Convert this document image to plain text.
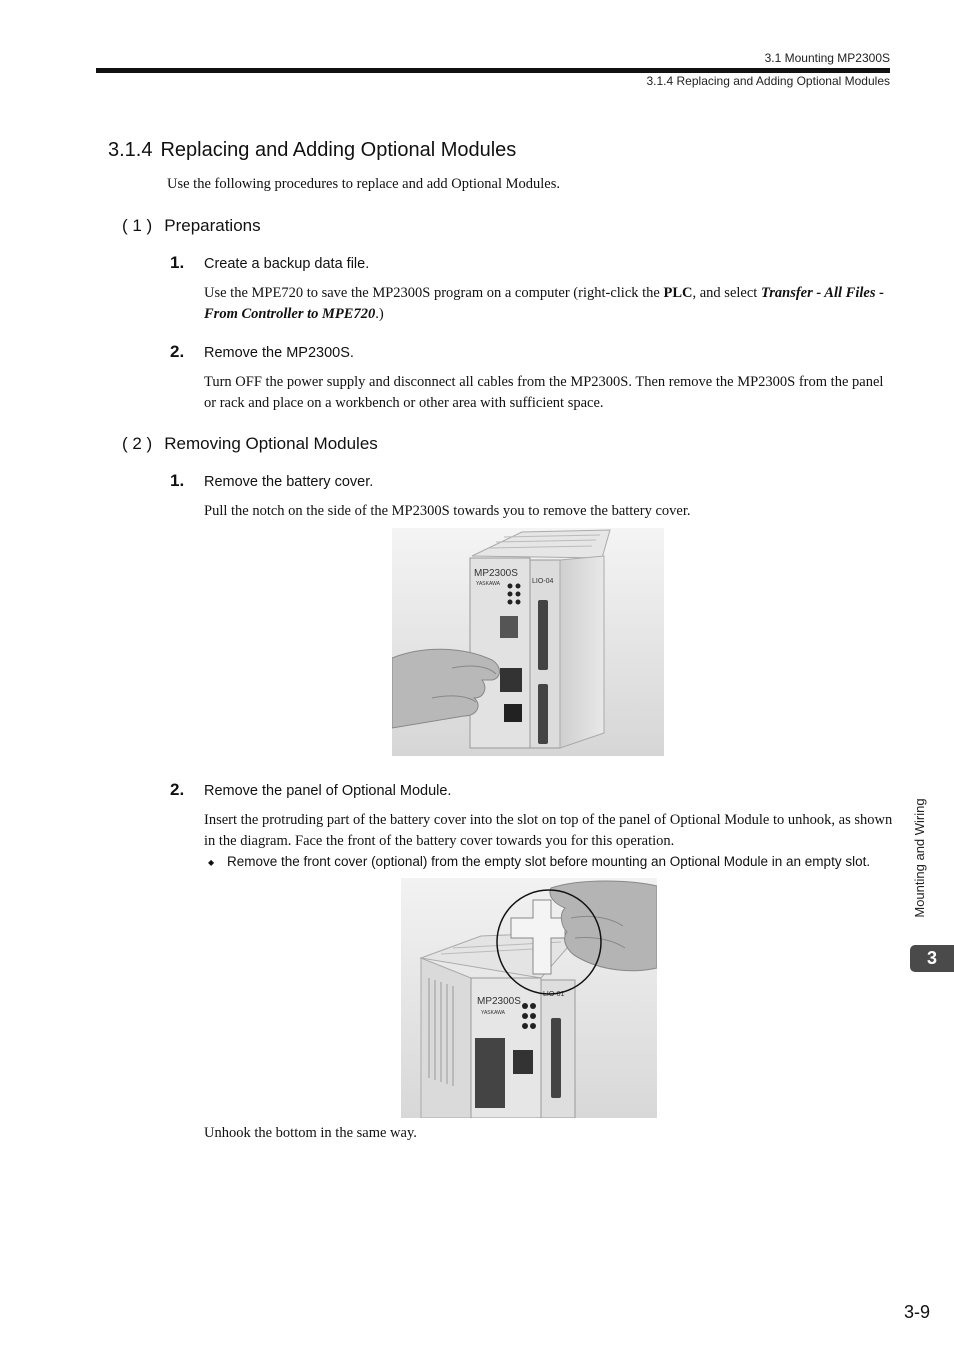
3.1 Mounting MP2300S
3.1.4 Replacing and Adding Optional Modules
3.1.4 Replacing and Adding Optional Modules
Use the following procedures to replace and add Optional Modules.
( 1 ) Preparations
1. Create a backup data file.
Use the MPE720 to save the MP2300S program on a computer (right-click the PLC, and select Transfer - All Files - From Controller to MPE720.)
2. Remove the MP2300S.
Turn OFF the power supply and disconnect all cables from the MP2300S. Then remove the MP2300S from the panel or rack and place on a workbench or other area with sufficient space.
( 2 ) Removing Optional Modules
1. Remove the battery cover.
Pull the notch on the side of the MP2300S towards you to remove the battery cover.
MP2300S
YASKAWA	LIO-04
2. Remove the panel of Optional Module.
Insert the protruding part of the battery cover into the slot on top of the panel of Optional Module to unhook, as shown in the diagram. Face the front of the battery cover towards you for this operation.
◆ Remove the front cover (optional) from the empty slot before mounting an Optional Module in an empty slot.
MP2300S
YASKAWA
LIO-01
Unhook the bottom in the same way.
Mounting and Wiring
3
3-9
